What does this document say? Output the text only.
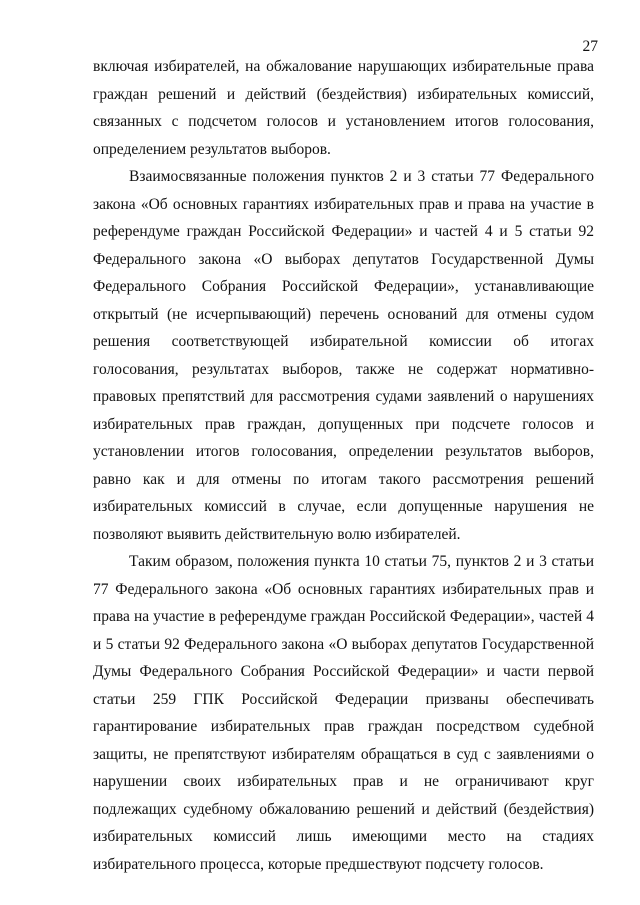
27

включая избирателей, на обжалование нарушающих избирательные права граждан решений и действий (бездействия) избирательных комиссий, связанных с подсчетом голосов и установлением итогов голосования, определением результатов выборов.

Взаимосвязанные положения пунктов 2 и 3 статьи 77 Федерального закона «Об основных гарантиях избирательных прав и права на участие в референдуме граждан Российской Федерации» и частей 4 и 5 статьи 92 Федерального закона «О выборах депутатов Государственной Думы Федерального Собрания Российской Федерации», устанавливающие открытый (не исчерпывающий) перечень оснований для отмены судом решения соответствующей избирательной комиссии об итогах голосования, результатах выборов, также не содержат нормативно-правовых препятствий для рассмотрения судами заявлений о нарушениях избирательных прав граждан, допущенных при подсчете голосов и установлении итогов голосования, определении результатов выборов, равно как и для отмены по итогам такого рассмотрения решений избирательных комиссий в случае, если допущенные нарушения не позволяют выявить действительную волю избирателей.

Таким образом, положения пункта 10 статьи 75, пунктов 2 и 3 статьи 77 Федерального закона «Об основных гарантиях избирательных прав и права на участие в референдуме граждан Российской Федерации», частей 4 и 5 статьи 92 Федерального закона «О выборах депутатов Государственной Думы Федерального Собрания Российской Федерации» и части первой статьи 259 ГПК Российской Федерации призваны обеспечивать гарантирование избирательных прав граждан посредством судебной защиты, не препятствуют избирателям обращаться в суд с заявлениями о нарушении своих избирательных прав и не ограничивают круг подлежащих судебному обжалованию решений и действий (бездействия) избирательных комиссий лишь имеющими место на стадиях избирательного процесса, которые предшествуют подсчету голосов.
